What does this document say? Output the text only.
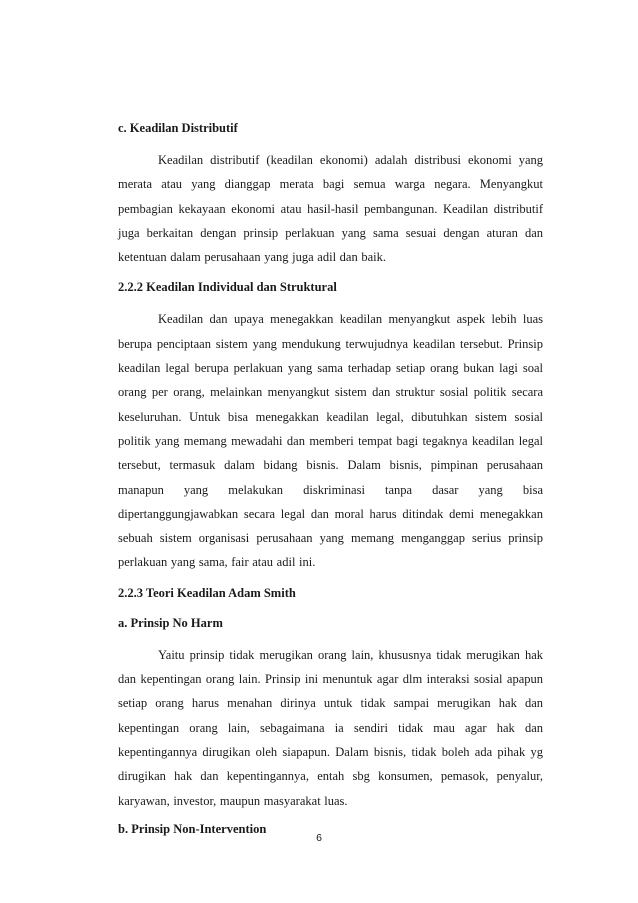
c. Keadilan Distributif

Keadilan distributif (keadilan ekonomi) adalah distribusi ekonomi yang merata atau yang dianggap merata bagi semua warga negara. Menyangkut pembagian kekayaan ekonomi atau hasil-hasil pembangunan. Keadilan distributif juga berkaitan dengan prinsip perlakuan yang sama sesuai dengan aturan dan ketentuan dalam perusahaan yang juga adil dan baik.

2.2.2 Keadilan Individual dan Struktural

Keadilan dan upaya menegakkan keadilan menyangkut aspek lebih luas berupa penciptaan sistem yang mendukung terwujudnya keadilan tersebut. Prinsip keadilan legal berupa perlakuan yang sama terhadap setiap orang bukan lagi soal orang per orang, melainkan menyangkut sistem dan struktur sosial politik secara keseluruhan. Untuk bisa menegakkan keadilan legal, dibutuhkan sistem sosial politik yang memang mewadahi dan memberi tempat bagi tegaknya keadilan legal tersebut, termasuk dalam bidang bisnis. Dalam bisnis, pimpinan perusahaan manapun yang melakukan diskriminasi tanpa dasar yang bisa dipertanggungjawabkan secara legal dan moral harus ditindak demi menegakkan sebuah sistem organisasi perusahaan yang memang menganggap serius prinsip perlakuan yang sama, fair atau adil ini.

2.2.3 Teori Keadilan Adam Smith
a. Prinsip No Harm

Yaitu prinsip tidak merugikan orang lain, khususnya tidak merugikan hak dan kepentingan orang lain. Prinsip ini menuntuk agar dlm interaksi sosial apapun setiap orang harus menahan dirinya untuk tidak sampai merugikan hak dan kepentingan orang lain, sebagaimana ia sendiri tidak mau agar hak dan kepentingannya dirugikan oleh siapapun. Dalam bisnis, tidak boleh ada pihak yg dirugikan hak dan kepentingannya, entah sbg konsumen, pemasok, penyalur, karyawan, investor, maupun masyarakat luas.

b. Prinsip Non-Intervention
6
